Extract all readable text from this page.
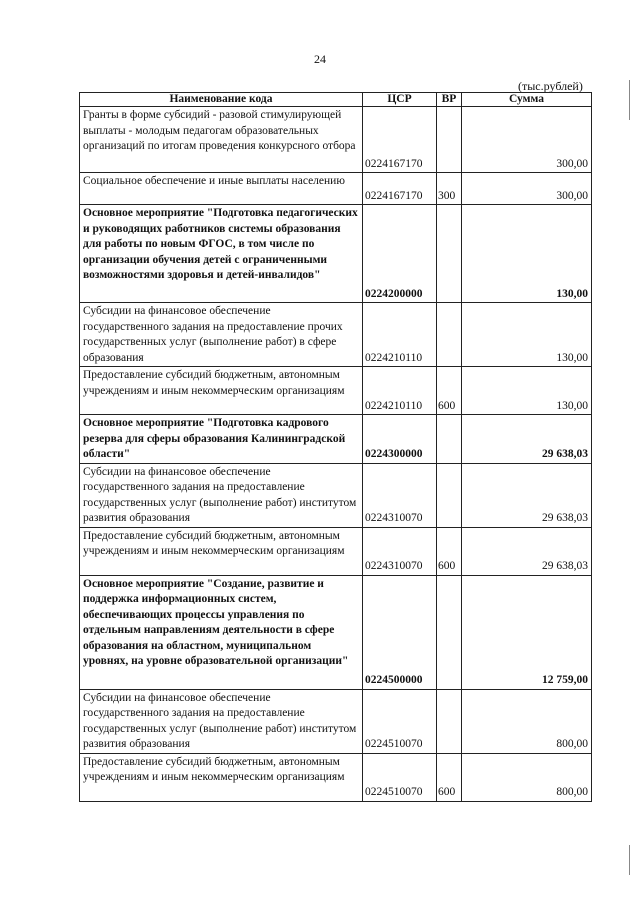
24
(тыс.рублей)
Наименование кода	ЦСР	ВР	Сумма
Гранты в форме субсидий - разовой стимулирующей выплаты - молодым педагогам образовательных организаций по итогам проведения конкурсного отбора	0224167170		300,00
Социальное обеспечение и иные выплаты населению	0224167170	300	300,00
Основное мероприятие "Подготовка педагогических и руководящих работников системы образования для работы по новым ФГОС, в том числе по организации обучения детей с ограниченными возможностями здоровья и детей-инвалидов"	0224200000		130,00
Субсидии на финансовое обеспечение государственного задания на предоставление прочих государственных услуг (выполнение работ) в сфере образования	0224210110		130,00
Предоставление субсидий бюджетным, автономным учреждениям и иным некоммерческим организациям	0224210110	600	130,00
Основное мероприятие "Подготовка кадрового резерва для сферы образования Калининградской области"	0224300000		29 638,03
Субсидии на финансовое обеспечение государственного задания на предоставление государственных услуг (выполнение работ) институтом развития образования	0224310070		29 638,03
Предоставление субсидий бюджетным, автономным учреждениям и иным некоммерческим организациям	0224310070	600	29 638,03
Основное мероприятие "Создание, развитие и поддержка информационных систем, обеспечивающих процессы управления по отдельным направлениям деятельности в сфере образования на областном, муниципальном уровнях, на уровне образовательной организации"	0224500000		12 759,00
Субсидии на финансовое обеспечение государственного задания на предоставление государственных услуг (выполнение работ) институтом развития образования	0224510070		800,00
Предоставление субсидий бюджетным, автономным учреждениям и иным некоммерческим организациям	0224510070	600	800,00
